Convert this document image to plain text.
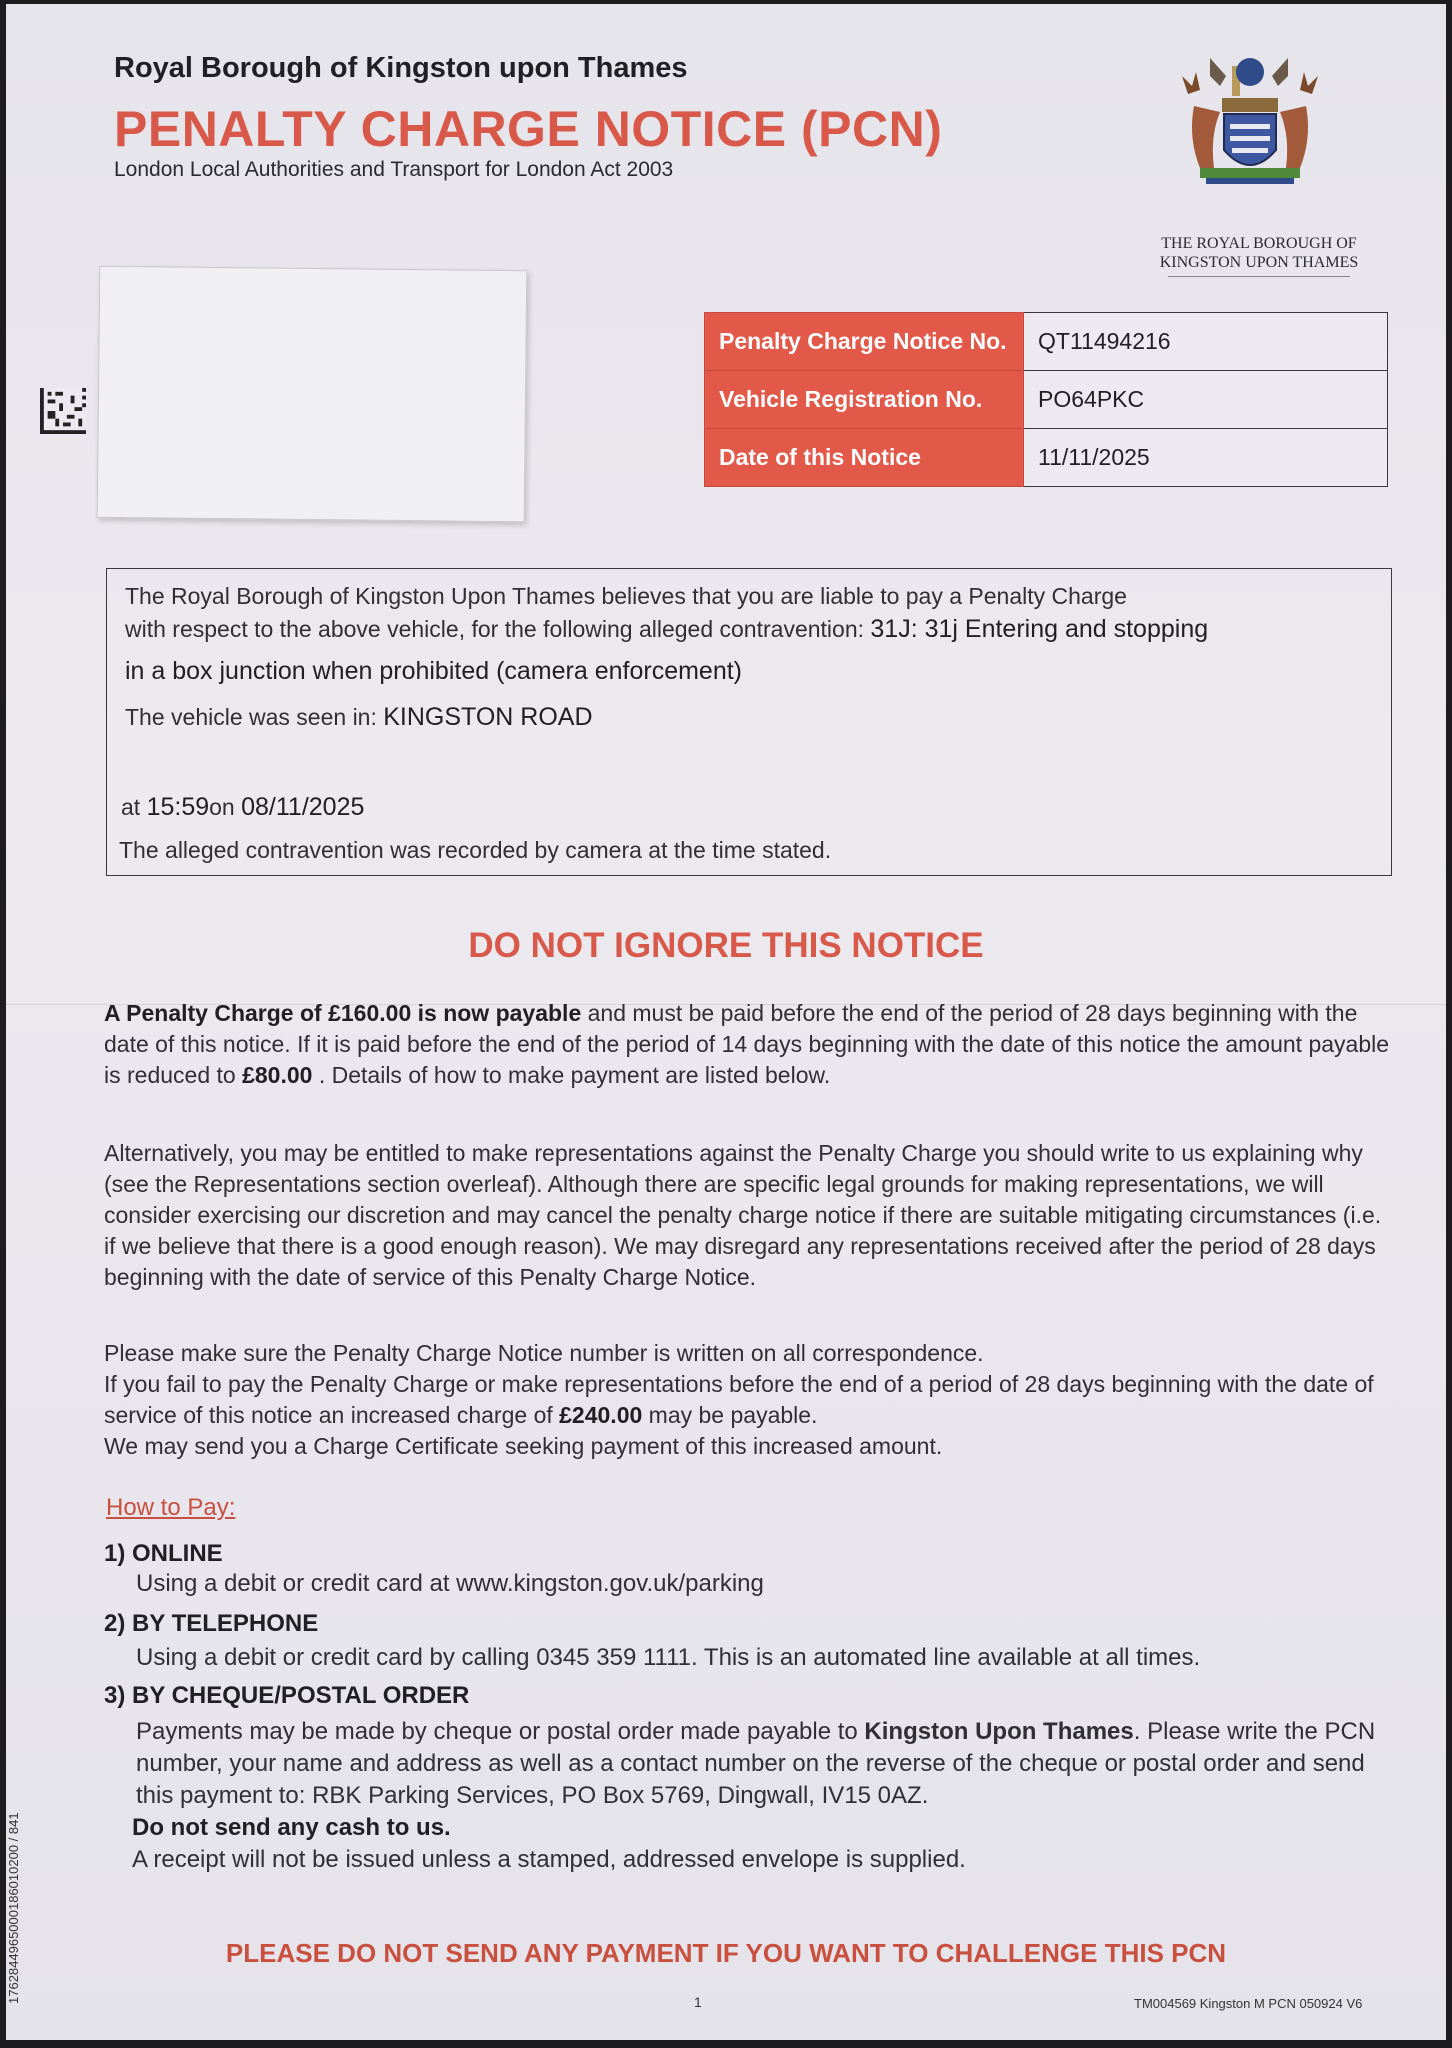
Royal Borough of Kingston upon Thames
PENALTY CHARGE NOTICE (PCN)
London Local Authorities and Transport for London Act 2003
THE ROYAL BOROUGH OF
KINGSTON UPON THAMES
Penalty Charge Notice No.	QT11494216
Vehicle Registration No.	PO64PKC
Date of this Notice	11/11/2025
The Royal Borough of Kingston Upon Thames believes that you are liable to pay a Penalty Charge
with respect to the above vehicle, for the following alleged contravention: 31J: 31j Entering and stopping
in a box junction when prohibited (camera enforcement)
The vehicle was seen in: KINGSTON ROAD
at 15:59on 08/11/2025
The alleged contravention was recorded by camera at the time stated.
DO NOT IGNORE THIS NOTICE
A Penalty Charge of £160.00 is now payable and must be paid before the end of the period of 28 days beginning with the date of this notice. If it is paid before the end of the period of 14 days beginning with the date of this notice the amount payable is reduced to £80.00 . Details of how to make payment are listed below.
Alternatively, you may be entitled to make representations against the Penalty Charge you should write to us explaining why (see the Representations section overleaf). Although there are specific legal grounds for making representations, we will consider exercising our discretion and may cancel the penalty charge notice if there are suitable mitigating circumstances (i.e. if we believe that there is a good enough reason). We may disregard any representations received after the period of 28 days beginning with the date of service of this Penalty Charge Notice.
Please make sure the Penalty Charge Notice number is written on all correspondence.
If you fail to pay the Penalty Charge or make representations before the end of a period of 28 days beginning with the date of service of this notice an increased charge of £240.00 may be payable.
We may send you a Charge Certificate seeking payment of this increased amount.
How to Pay:
1) ONLINE
Using a debit or credit card at www.kingston.gov.uk/parking
2) BY TELEPHONE
Using a debit or credit card by calling 0345 359 1111. This is an automated line available at all times.
3) BY CHEQUE/POSTAL ORDER
Payments may be made by cheque or postal order made payable to Kingston Upon Thames. Please write the PCN number, your name and address as well as a contact number on the reverse of the cheque or postal order and send this payment to: RBK Parking Services, PO Box 5769, Dingwall, IV15 0AZ.
Do not send any cash to us.
A receipt will not be issued unless a stamped, addressed envelope is supplied.
PLEASE DO NOT SEND ANY PAYMENT IF YOU WANT TO CHALLENGE THIS PCN
1	TM004569 Kingston M PCN 050924 V6
1762844965000186010200 / 841
